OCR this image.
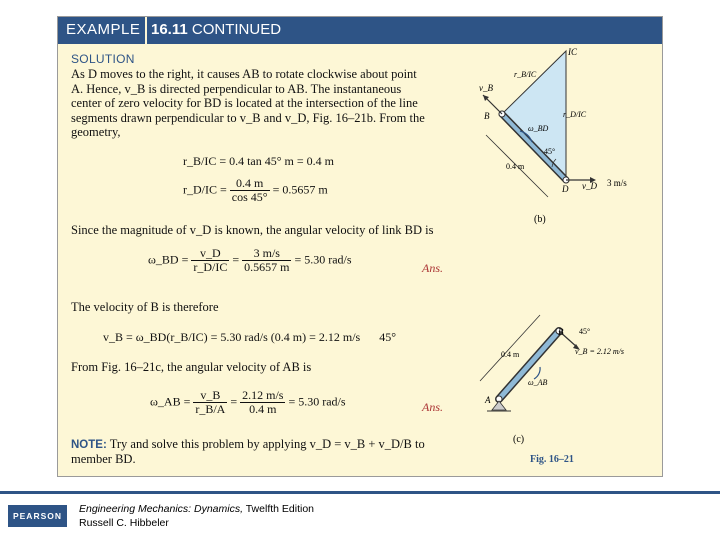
EXAMPLE 16.11 CONTINUED
SOLUTION
As D moves to the right, it causes AB to rotate clockwise about point
A. Hence, v_B is directed perpendicular to AB. The instantaneous
center of zero velocity for BD is located at the intersection of the line
segments drawn perpendicular to v_B and v_D, Fig. 16–21b. From the
geometry,
r_B/IC = 0.4 tan 45° m = 0.4 m
r_D/IC = $\frac{0.4 m}{\cos 45^\circ} = 0.5657$ m
Since the magnitude of v_D is known, the angular velocity of link BD is
ω_BD = $\frac{v\_D}{r\_D/IC} = \frac{3 m/s}{0.5657 m} = 5.30$ rad/s
Ans.
The velocity of B is therefore
v_B = ω_BD(r_B/IC) = 5.30 rad/s (0.4 m) = 2.12 m/s 45°
From Fig. 16–21c, the angular velocity of AB is
ω_AB = $\frac{v\_B}{r\_B/A} = \frac{2.12 m/s}{0.4 m} = 5.30$ rad/s	Ans.
NOTE: Try and solve this problem by applying v_D = v_B + v_D/B to
member BD.
IC
r_B/IC
r_D/IC
v_B
B
ω_BD
45°
0.4 m
D v_D 3 m/s
(b)
B 45°
v_B = 2.12 m/s
0.4 m
ω_AB
A
(c)
Fig. 16–21
PEARSON
Engineering Mechanics: Dynamics, Twelfth Edition
Russell C. Hibbeler
